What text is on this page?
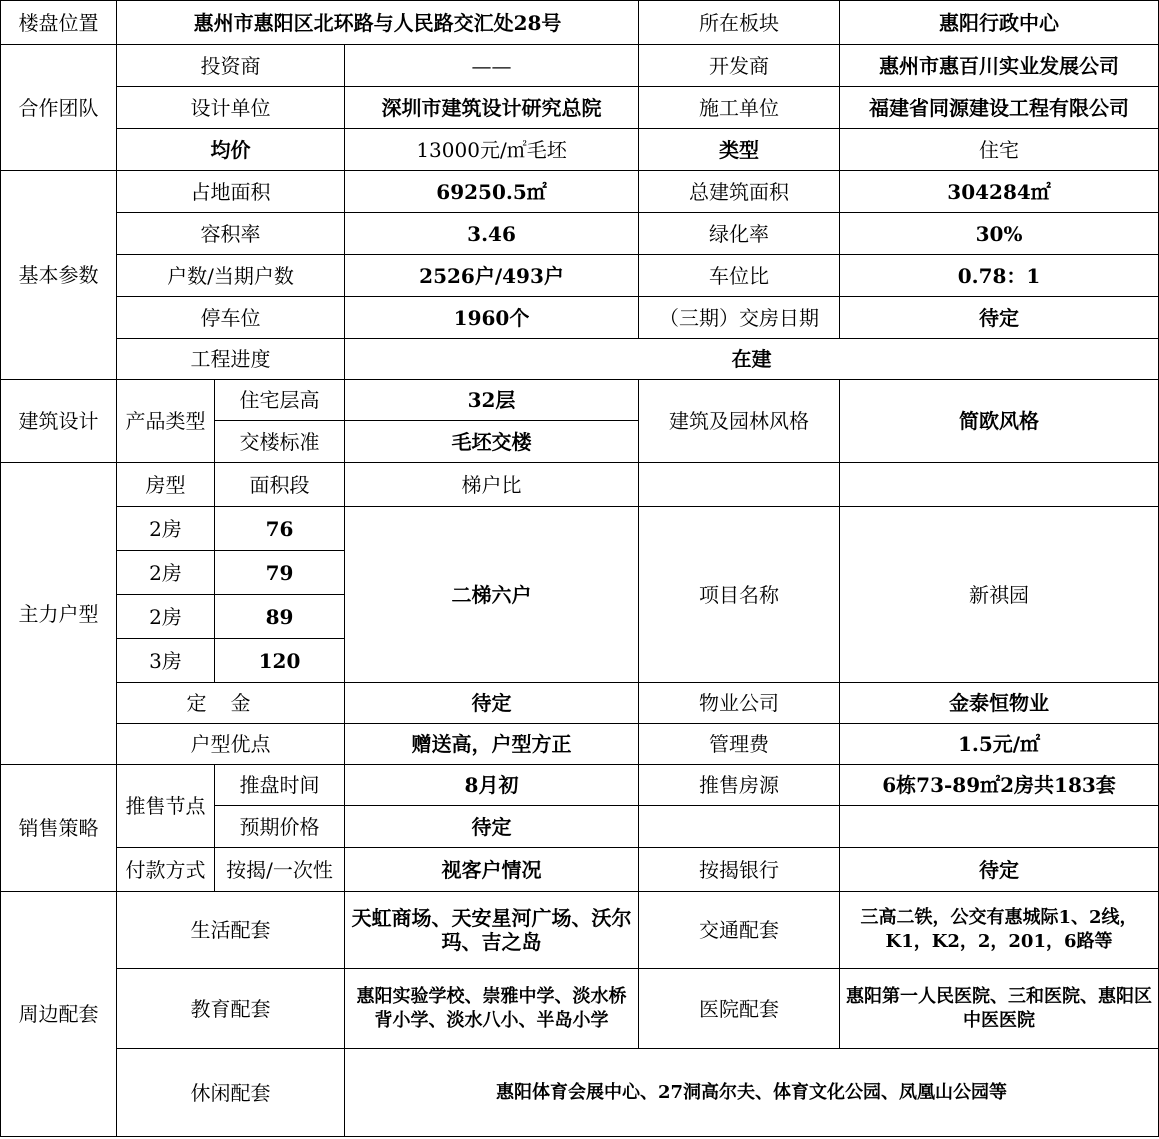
楼盘位置	惠州市惠阳区北环路与人民路交汇处28号			所在板块	惠阳行政中心
合作团队	投资商		——	开发商	惠州市惠百川实业发展公司
	设计单位		深圳市建筑设计研究总院	施工单位	福建省同源建设工程有限公司
	均价		13000元/㎡毛坯	类型	住宅
基本参数	占地面积		69250.5㎡	总建筑面积	304284㎡
	容积率		3.46	绿化率	30%
	户数/当期户数		2526户/493户	车位比	0.78：1
	停车位		1960个	（三期）交房日期	待定
	工程进度		在建		
建筑设计	产品类型	住宅层高	32层	建筑及园林风格	简欧风格
		交楼标准	毛坯交楼		
主力户型	房型	面积段	梯户比		
	2房	76	二梯六户	项目名称	新祺园
	2房	79			
	2房	89			
	3房	120			
	定金		待定	物业公司	金泰恒物业
	户型优点		赠送高，户型方正	管理费	1.5元/㎡
销售策略	推售节点	推盘时间	8月初	推售房源	6栋73-89㎡2房共183套
		预期价格	待定		
	付款方式	按揭/一次性	视客户情况	按揭银行	待定
周边配套	生活配套		天虹商场、天安星河广场、沃尔玛、吉之岛	交通配套	三高二铁，公交有惠城际1、2线，K1，K2，2，201，6路等
	教育配套		惠阳实验学校、崇雅中学、淡水桥背小学、淡水八小、半岛小学	医院配套	惠阳第一人民医院、三和医院、惠阳区中医医院
	休闲配套		惠阳体育会展中心、27洞高尔夫、体育文化公园、凤凰山公园等		
